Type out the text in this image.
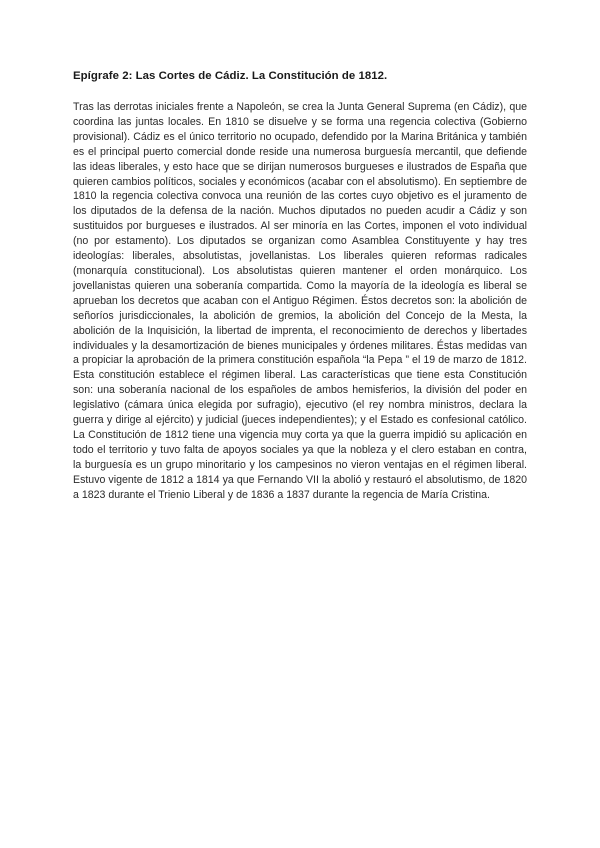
Epígrafe 2: Las Cortes de Cádiz. La Constitución de 1812.

Tras las derrotas iniciales frente a Napoleón, se crea la Junta General Suprema (en Cádiz), que coordina las juntas locales. En 1810 se disuelve y se forma una regencia colectiva (Gobierno provisional). Cádiz es el único territorio no ocupado, defendido por la Marina Británica y también es el principal puerto comercial donde reside una numerosa burguesía mercantil, que defiende las ideas liberales, y esto hace que se dirijan numerosos burgueses e ilustrados de España que quieren cambios políticos, sociales y económicos (acabar con el absolutismo). En septiembre de 1810 la regencia colectiva convoca una reunión de las cortes cuyo objetivo es el juramento de los diputados de la defensa de la nación. Muchos diputados no pueden acudir a Cádiz y son sustituidos por burgueses e ilustrados. Al ser minoría en las Cortes, imponen el voto individual (no por estamento). Los diputados se organizan como Asamblea Constituyente y hay tres ideologías: liberales, absolutistas, jovellanistas. Los liberales quieren reformas radicales (monarquía constitucional). Los absolutistas quieren mantener el orden monárquico. Los jovellanistas quieren una soberanía compartida. Como la mayoría de la ideología es liberal se aprueban los decretos que acaban con el Antiguo Régimen. Éstos decretos son: la abolición de señoríos jurisdiccionales, la abolición de gremios, la abolición del Concejo de la Mesta, la abolición de la Inquisición, la libertad de imprenta, el reconocimiento de derechos y libertades individuales y la desamortización de bienes municipales y órdenes militares. Éstas medidas van a propiciar la aprobación de la primera constitución española “la Pepa ” el 19 de marzo de 1812. Esta constitución establece el régimen liberal. Las características que tiene esta Constitución son: una soberanía nacional de los españoles de ambos hemisferios, la división del poder en legislativo (cámara única elegida por sufragio), ejecutivo (el rey nombra ministros, declara la guerra y dirige al ejército) y judicial (jueces independientes); y el Estado es confesional católico. La Constitución de 1812 tiene una vigencia muy corta ya que la guerra impidió su aplicación en todo el territorio y tuvo falta de apoyos sociales ya que la nobleza y el clero estaban en contra, la burguesía es un grupo minoritario y los campesinos no vieron ventajas en el régimen liberal. Estuvo vigente de 1812 a 1814 ya que Fernando VII la abolió y restauró el absolutismo, de 1820 a 1823 durante el Trienio Liberal y de 1836 a 1837 durante la regencia de María Cristina.
